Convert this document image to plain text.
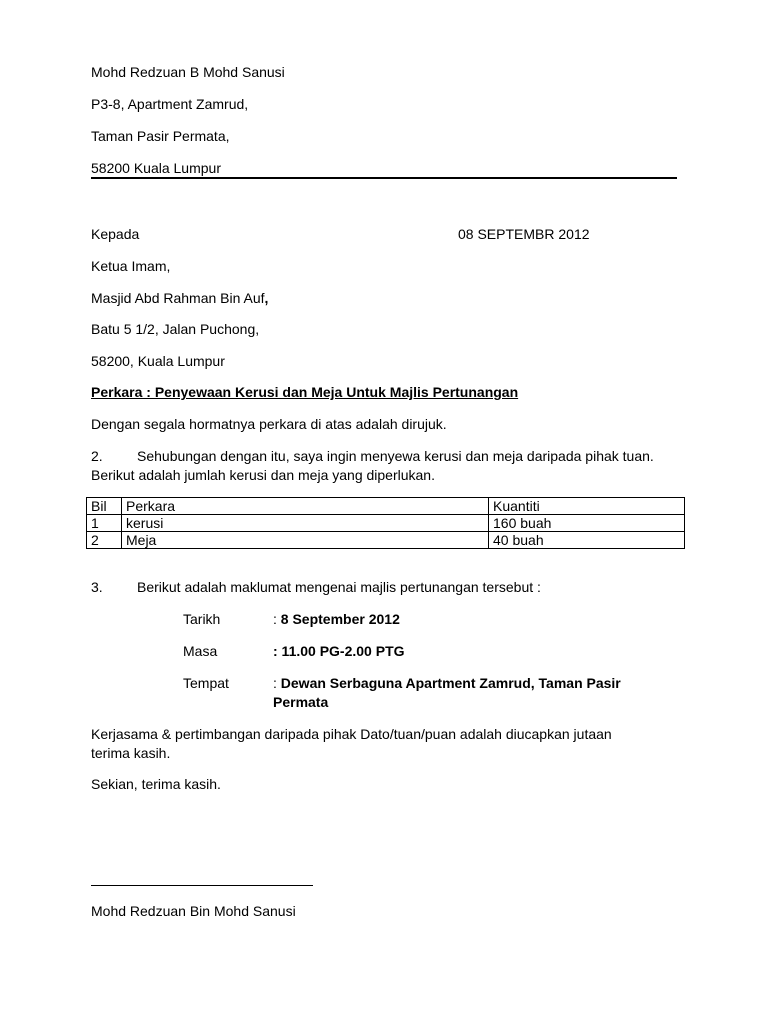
Mohd Redzuan B Mohd Sanusi
P3-8, Apartment Zamrud,
Taman Pasir Permata,
58200 Kuala Lumpur
Kepada	08 SEPTEMBR 2012
Ketua Imam,
Masjid Abd Rahman Bin Auf,
Batu 5 1/2, Jalan Puchong,
58200, Kuala Lumpur
Perkara : Penyewaan Kerusi dan Meja Untuk Majlis Pertunangan
Dengan segala hormatnya perkara di atas adalah dirujuk.
2. Sehubungan dengan itu, saya ingin menyewa kerusi dan meja daripada pihak tuan.
Berikut adalah jumlah kerusi dan meja yang diperlukan.
Bil	Perkara	Kuantiti
1	kerusi	160 buah
2	Meja	40 buah
3. Berikut adalah maklumat mengenai majlis pertunangan tersebut :
Tarikh	: 8 September 2012
Masa	: 11.00 PG-2.00 PTG
Tempat	: Dewan Serbaguna Apartment Zamrud, Taman Pasir Permata
Kerjasama & pertimbangan daripada pihak Dato/tuan/puan adalah diucapkan jutaan terima kasih.
Sekian, terima kasih.
Mohd Redzuan Bin Mohd Sanusi
